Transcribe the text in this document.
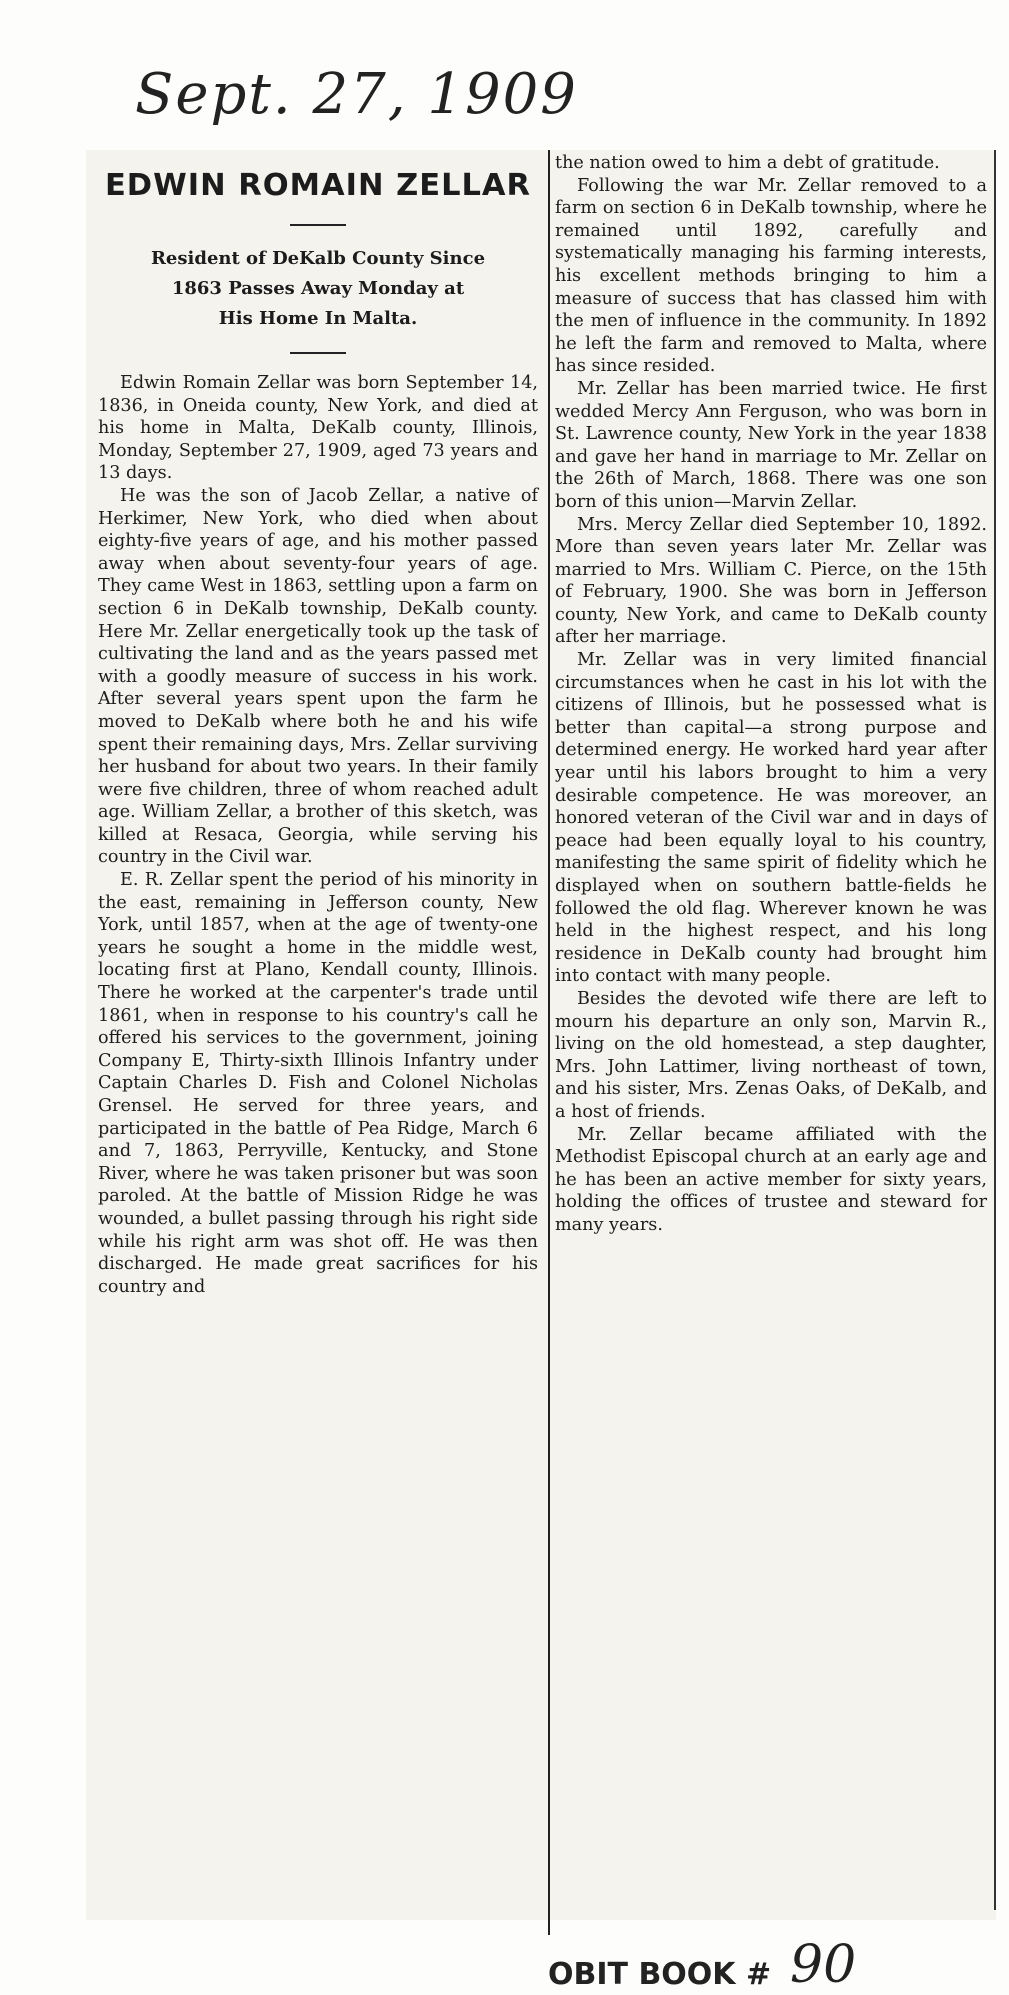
Sept. 27, 1909
EDWIN ROMAIN ZELLAR
Resident of DeKalb County Since
1863 Passes Away Monday at
His Home In Malta.

Edwin Romain Zellar was born September 14, 1836, in Oneida county, New York, and died at his home in Malta, DeKalb county, Illinois, Monday, September 27, 1909, aged 73 years and 13 days.

He was the son of Jacob Zellar, a native of Herkimer, New York, who died when about eighty-five years of age, and his mother passed away when about seventy-four years of age. They came West in 1863, settling upon a farm on section 6 in DeKalb township, DeKalb county. Here Mr. Zellar energetically took up the task of cultivating the land and as the years passed met with a goodly measure of success in his work. After several years spent upon the farm he moved to DeKalb where both he and his wife spent their remaining days, Mrs. Zellar surviving her husband for about two years. In their family were five children, three of whom reached adult age. William Zellar, a brother of this sketch, was killed at Resaca, Georgia, while serving his country in the Civil war.

E. R. Zellar spent the period of his minority in the east, remaining in Jefferson county, New York, until 1857, when at the age of twenty-one years he sought a home in the middle west, locating first at Plano, Kendall county, Illinois. There he worked at the carpenter's trade until 1861, when in response to his country's call he offered his services to the government, joining Company E, Thirty-sixth Illinois Infantry under Captain Charles D. Fish and Colonel Nicholas Grensel. He served for three years, and participated in the battle of Pea Ridge, March 6 and 7, 1863, Perryville, Kentucky, and Stone River, where he was taken prisoner but was soon paroled. At the battle of Mission Ridge he was wounded, a bullet passing through his right side while his right arm was shot off. He was then discharged. He made great sacrifices for his country and

the nation owed to him a debt of gratitude.

Following the war Mr. Zellar removed to a farm on section 6 in DeKalb township, where he remained until 1892, carefully and systematically managing his farming interests, his excellent methods bringing to him a measure of success that has classed him with the men of influence in the community. In 1892 he left the farm and removed to Malta, where has since resided.

Mr. Zellar has been married twice. He first wedded Mercy Ann Ferguson, who was born in St. Lawrence county, New York in the year 1838 and gave her hand in marriage to Mr. Zellar on the 26th of March, 1868. There was one son born of this union—Marvin Zellar.

Mrs. Mercy Zellar died September 10, 1892. More than seven years later Mr. Zellar was married to Mrs. William C. Pierce, on the 15th of February, 1900. She was born in Jefferson county, New York, and came to DeKalb county after her marriage.

Mr. Zellar was in very limited financial circumstances when he cast in his lot with the citizens of Illinois, but he possessed what is better than capital—a strong purpose and determined energy. He worked hard year after year until his labors brought to him a very desirable competence. He was moreover, an honored veteran of the Civil war and in days of peace had been equally loyal to his country, manifesting the same spirit of fidelity which he displayed when on southern battle-fields he followed the old flag. Wherever known he was held in the highest respect, and his long residence in DeKalb county had brought him into contact with many people.

Besides the devoted wife there are left to mourn his departure an only son, Marvin R., living on the old homestead, a step daughter, Mrs. John Lattimer, living northeast of town, and his sister, Mrs. Zenas Oaks, of DeKalb, and a host of friends.

Mr. Zellar became affiliated with the Methodist Episcopal church at an early age and he has been an active member for sixty years, holding the offices of trustee and steward for many years.

OBIT BOOK # 90
